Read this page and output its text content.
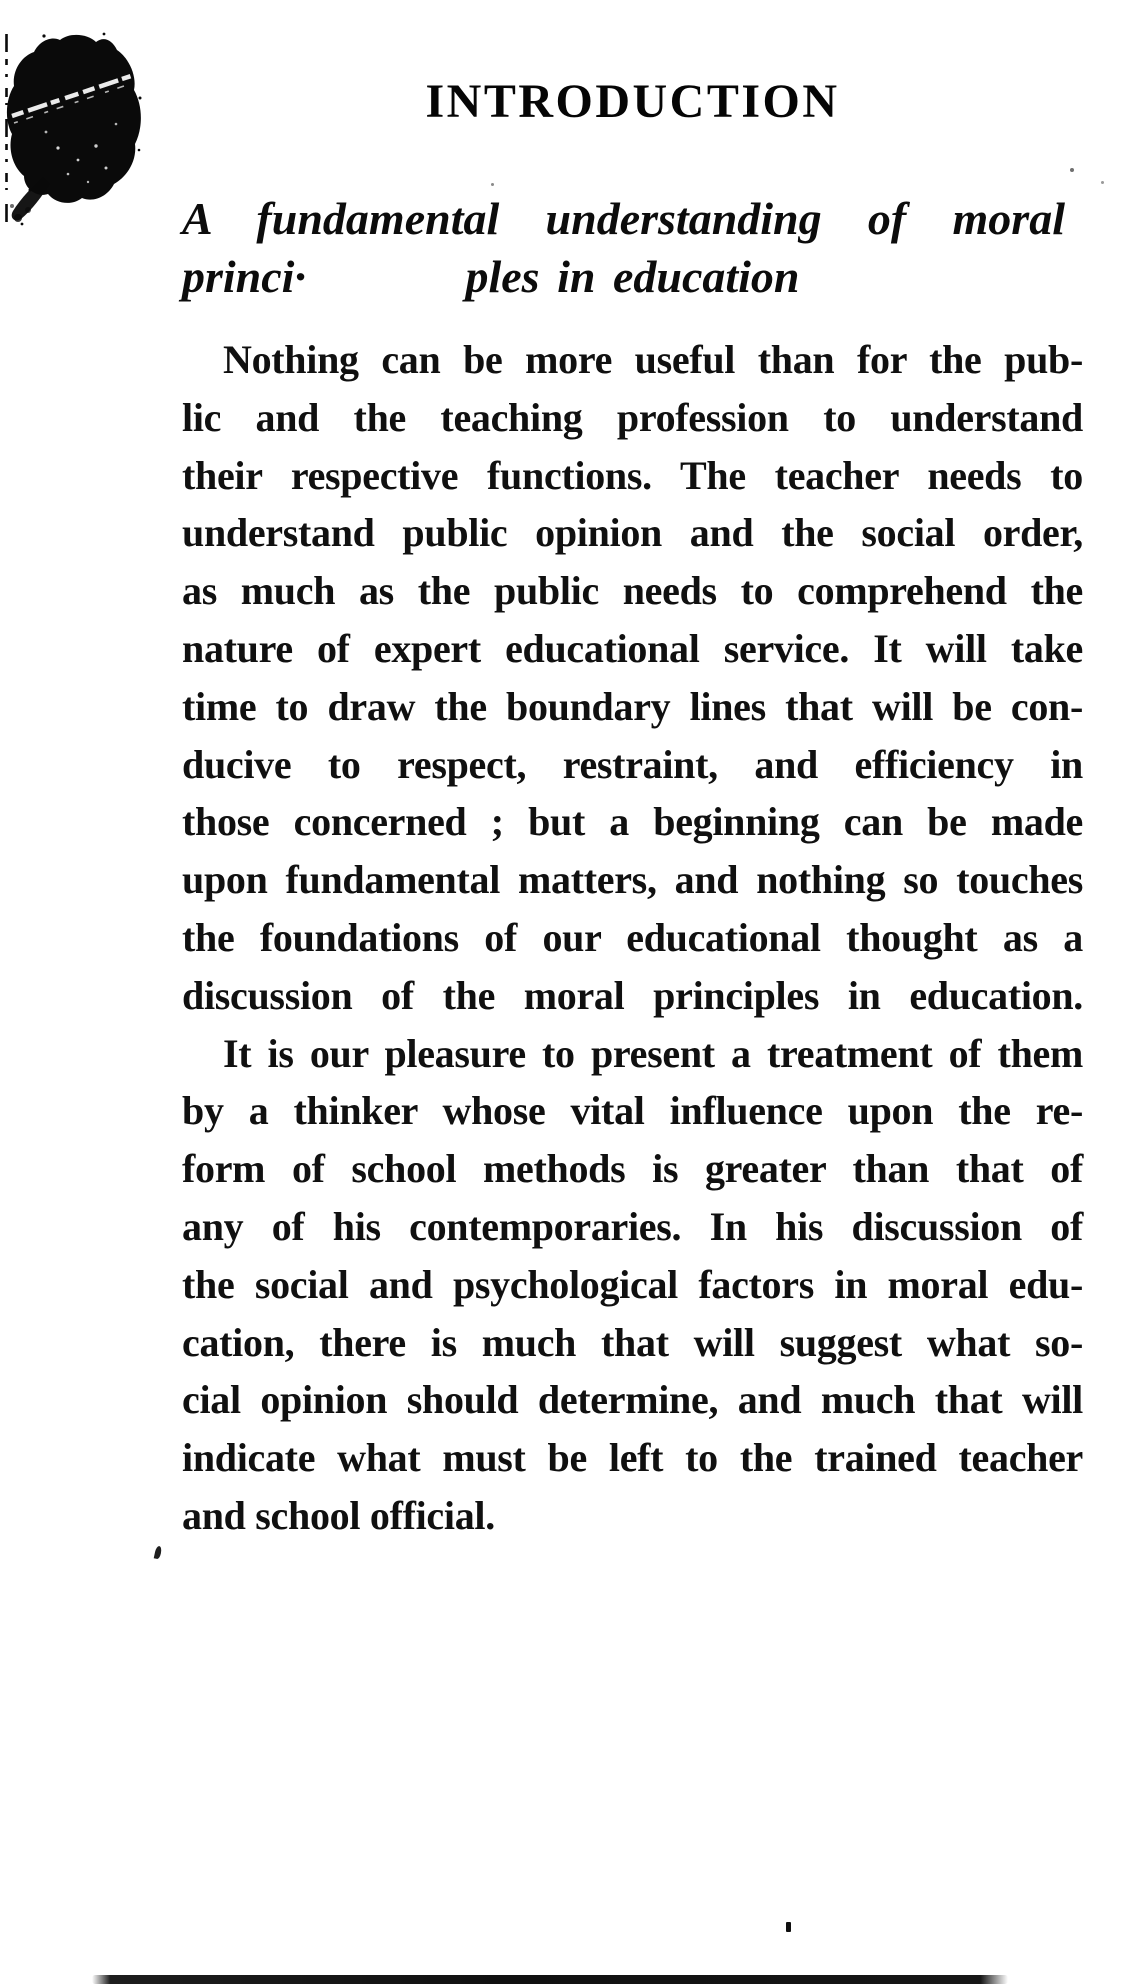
INTRODUCTION
A fundamental understanding of moral princi·	ples in education
Nothing can be more useful than for the pub-
lic and the teaching profession to understand
their respective functions. The teacher needs to
understand public opinion and the social order,
as much as the public needs to comprehend the
nature of expert educational service. It will take
time to draw the boundary lines that will be con-
ducive to respect, restraint, and efficiency in
those concerned ; but a beginning can be made
upon fundamental matters, and nothing so touches
the foundations of our educational thought as a
discussion of the moral principles in education.
It is our pleasure to present a treatment of them
by a thinker whose vital influence upon the re-
form of school methods is greater than that of
any of his contemporaries. In his discussion of
the social and psychological factors in moral edu-
cation, there is much that will suggest what so-
cial opinion should determine, and much that will
indicate what must be left to the trained teacher
and school official.
